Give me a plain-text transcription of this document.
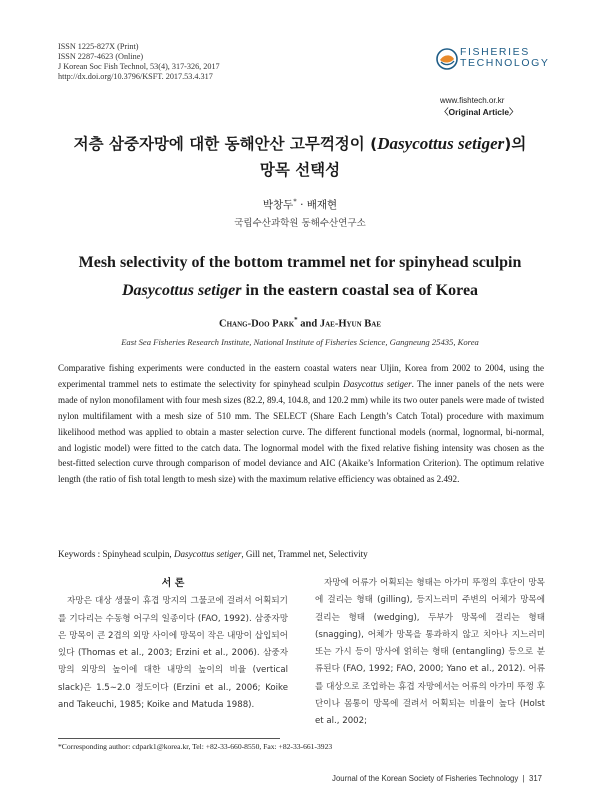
ISSN 1225-827X (Print)
ISSN 2287-4623 (Online)
J Korean Soc Fish Technol, 53(4), 317-326, 2017
http://dx.doi.org/10.3796/KSFT. 2017.53.4.317
FISHERIES
TECHNOLOGY
www.fishtech.or.kr
〈Original Article〉
저층 삼중자망에 대한 동해안산 고무꺽정이 (Dasycottus setiger)의
망목 선택성
박창두* · 배재현
국립수산과학원 동해수산연구소
Mesh selectivity of the bottom trammel net for spinyhead sculpin
Dasycottus setiger in the eastern coastal sea of Korea
Chang-Doo Park* and Jae-Hyun Bae
East Sea Fisheries Research Institute, National Institute of Fisheries Science, Gangneung 25435, Korea
Comparative fishing experiments were conducted in the eastern coastal waters near Uljin, Korea from 2002 to 2004, using the experimental trammel nets to estimate the selectivity for spinyhead sculpin Dasycottus setiger. The inner panels of the nets were made of nylon monofilament with four mesh sizes (82.2, 89.4, 104.8, and 120.2 mm) while its two outer panels were made of twisted nylon multifilament with a mesh size of 510 mm. The SELECT (Share Each Length’s Catch Total) procedure with maximum likelihood method was applied to obtain a master selection curve. The different functional models (normal, lognormal, bi-normal, and logistic model) were fitted to the catch data. The lognormal model with the fixed relative fishing intensity was chosen as the best-fitted selection curve through comparison of model deviance and AIC (Akaike’s Information Criterion). The optimum relative length (the ratio of fish total length to mesh size) with the maximum relative efficiency was obtained as 2.492.
Keywords : Spinyhead sculpin, Dasycottus setiger, Gill net, Trammel net, Selectivity
서 론

자망은 대상 생물이 휴겹 망지의 그물코에 걸려서 어획되기를 기다리는 수동형 어구의 일종이다 (FAO, 1992). 삼중자망은 망목이 큰 2겹의 외망 사이에 망목이 작은 내망이 삽입되어 있다 (Thomas et al., 2003; Erzini et al., 2006). 삼중자망의 외망의 높이에 대한 내망의 높이의 비율 (vertical slack)은 1.5∼2.0 정도이다 (Erzini et al., 2006; Koike and Takeuchi, 1985; Koike and Matuda 1988).

자망에 어류가 어획되는 형태는 아가미 뚜껑의 후단이 망목에 걸리는 형태 (gilling), 등지느러미 주변의 어체가 망목에 걸리는 형태 (wedging), 두부가 망목에 걸리는 형태 (snagging), 어체가 망목을 통과하지 않고 치아나 지느러미 또는 가시 등이 망사에 얽히는 형태 (entangling) 등으로 분류된다 (FAO, 1992; FAO, 2000; Yano et al., 2012). 어류를 대상으로 조업하는 휴겹 자망에서는 어류의 아가미 뚜껑 후단이나 몸통이 망목에 걸려서 어획되는 비율이 높다 (Holst et al., 2002;

*Corresponding author: cdpark1@korea.kr, Tel: +82-33-660-8550, Fax: +82-33-661-3923
Journal of the Korean Society of Fisheries Technology  |  317
